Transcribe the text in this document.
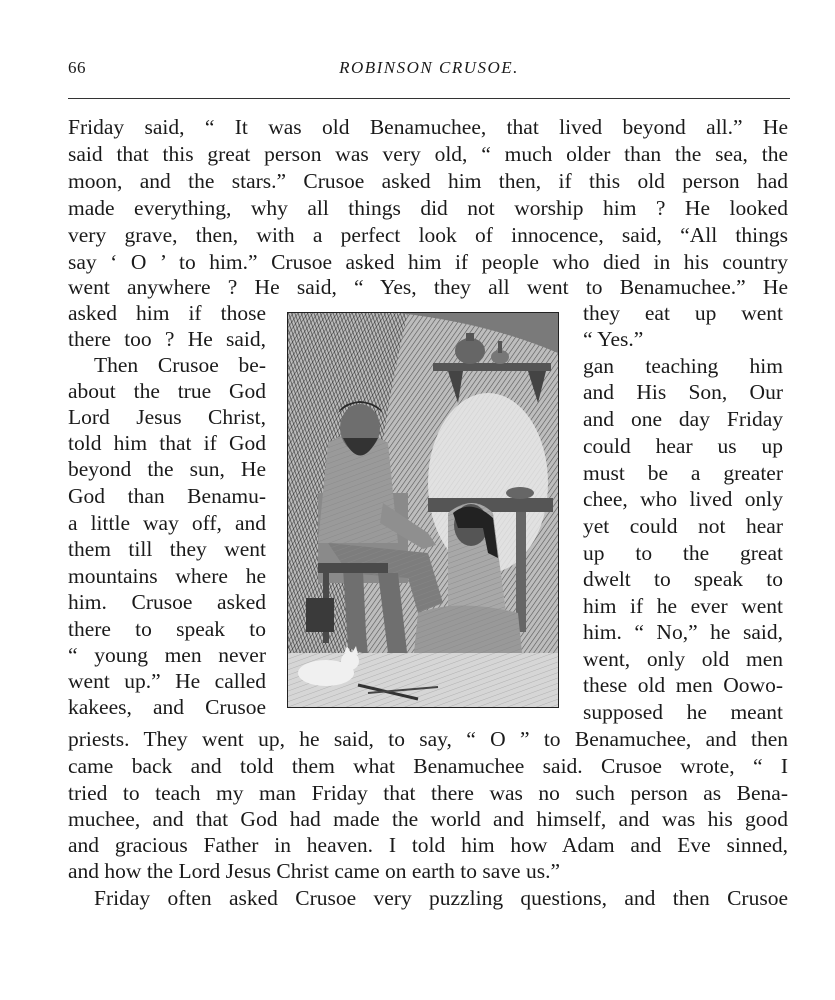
66	ROBINSON CRUSOE.
Friday said, “ It was old Benamuchee, that lived beyond all.” He
said that this great person was very old, “ much older than the sea, the
moon, and the stars.” Crusoe asked him then, if this old person had
made everything, why all things did not worship him ? He looked
very grave, then, with a perfect look of innocence, said, “All things
say ‘ O ’ to him.” Crusoe asked him if people who died in his country
went anywhere ? He said, “ Yes, they all went to Benamuchee.” He
asked him if those
there too ? He said,
Then Crusoe be-
about the true God
Lord Jesus Christ,
told him that if God
beyond the sun, He
God than Benamu-
a little way off, and
them till they went
mountains where he
him. Crusoe asked
there to speak to
“ young men never
went up.” He called
kakees, and Crusoe
they eat up went
“ Yes.”
gan teaching him
and His Son, Our
and one day Friday
could hear us up
must be a greater
chee, who lived only
yet could not hear
up to the great
dwelt to speak to
him if he ever went
him. “ No,” he said,
went, only old men
these old men Oowo-
supposed he meant
priests. They went up, he said, to say, “ O ” to Benamuchee, and then
came back and told them what Benamuchee said. Crusoe wrote, “ I
tried to teach my man Friday that there was no such person as Bena-
muchee, and that God had made the world and himself, and was his good
and gracious Father in heaven. I told him how Adam and Eve sinned,
and how the Lord Jesus Christ came on earth to save us.”
Friday often asked Crusoe very puzzling questions, and then Crusoe
